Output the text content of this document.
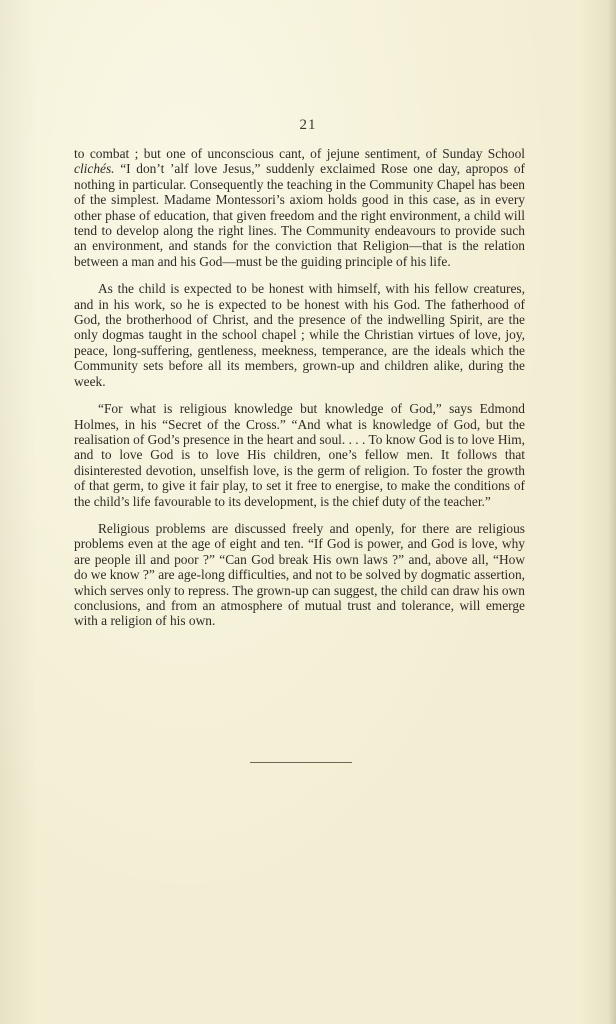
21

to combat ; but one of unconscious cant, of jejune sentiment, of Sunday School clichés. “I don’t ’alf love Jesus,” suddenly exclaimed Rose one day, apropos of nothing in particular. Consequently the teaching in the Community Chapel has been of the simplest. Madame Montessori’s axiom holds good in this case, as in every other phase of education, that given freedom and the right environment, a child will tend to develop along the right lines. The Community endeavours to provide such an environment, and stands for the conviction that Religion—that is the relation between a man and his God—must be the guiding principle of his life.

As the child is expected to be honest with himself, with his fellow creatures, and in his work, so he is expected to be honest with his God. The fatherhood of God, the brotherhood of Christ, and the presence of the indwelling Spirit, are the only dogmas taught in the school chapel ; while the Christian virtues of love, joy, peace, long-suffering, gentleness, meekness, temperance, are the ideals which the Community sets before all its members, grown-up and children alike, during the week.

“For what is religious knowledge but knowledge of God,” says Edmond Holmes, in his “Secret of the Cross.” “And what is knowledge of God, but the realisation of God’s presence in the heart and soul. . . . To know God is to love Him, and to love God is to love His children, one’s fellow men. It follows that disinterested devotion, unselfish love, is the germ of religion. To foster the growth of that germ, to give it fair play, to set it free to energise, to make the conditions of the child’s life favourable to its development, is the chief duty of the teacher.”

Religious problems are discussed freely and openly, for there are religious problems even at the age of eight and ten. “If God is power, and God is love, why are people ill and poor ?” “Can God break His own laws ?” and, above all, “How do we know ?” are age-long difficulties, and not to be solved by dogmatic assertion, which serves only to repress. The grown-up can suggest, the child can draw his own conclusions, and from an atmosphere of mutual trust and tolerance, will emerge with a religion of his own.
